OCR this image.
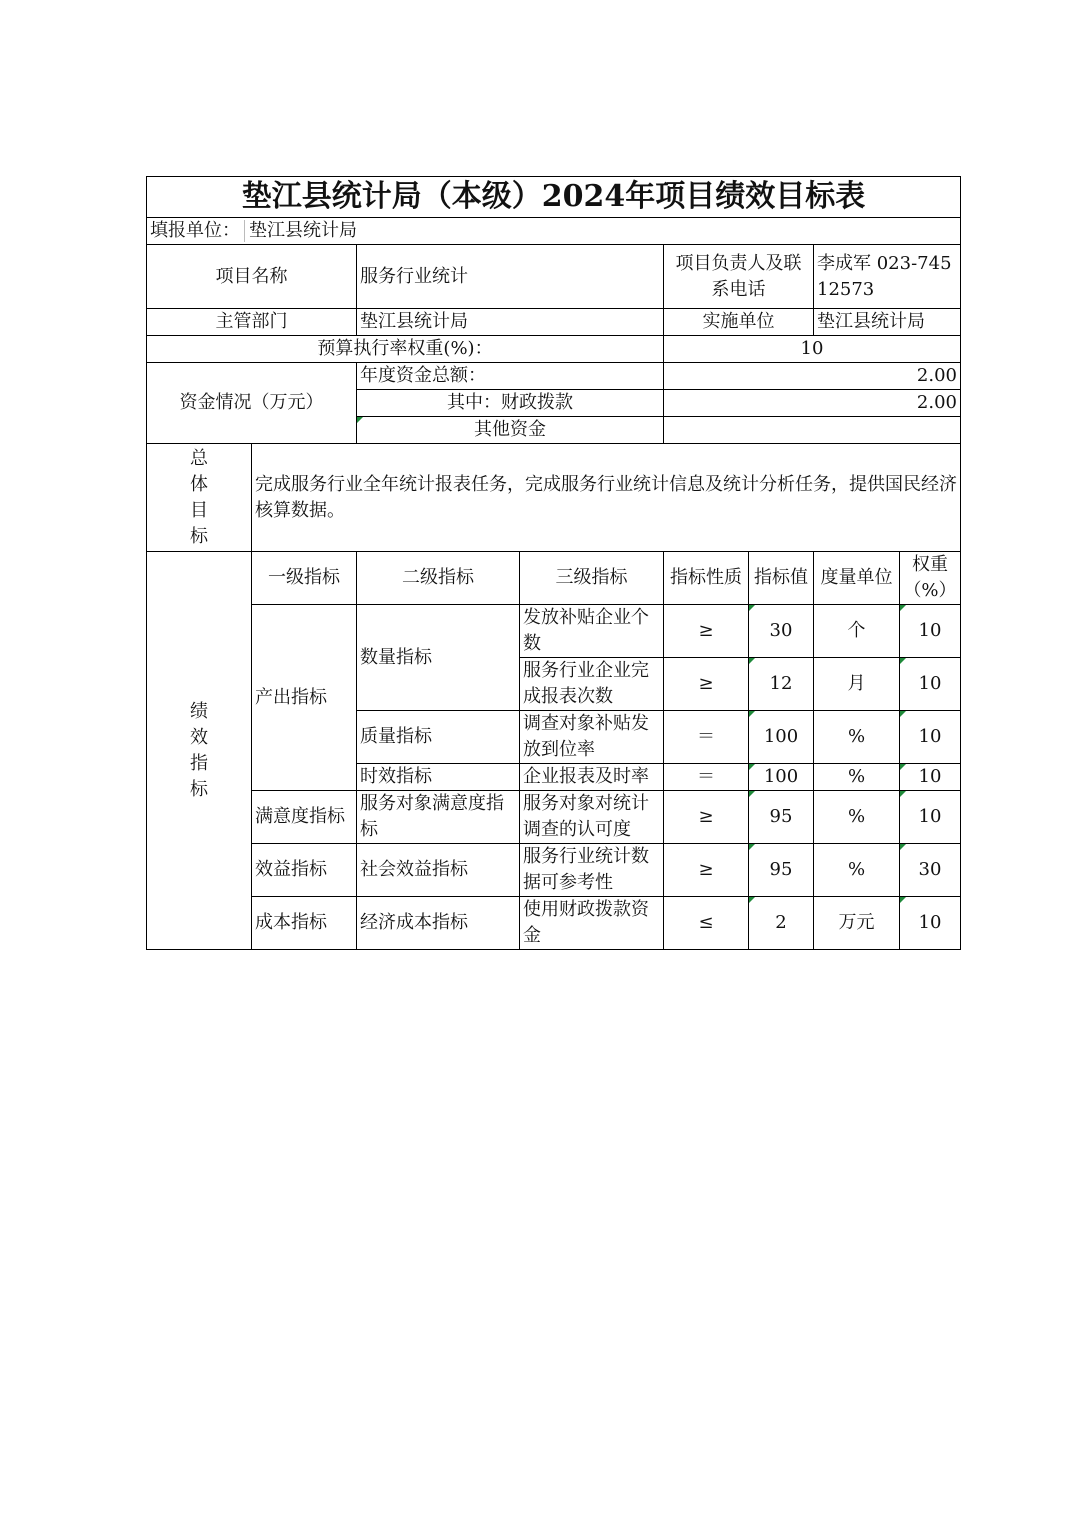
垫江县统计局（本级）2024年项目绩效目标表							
填报单位： 垫江县统计局							
项目名称		服务行业统计		项目负责人及联系电话		李成军 023-74512573	
主管部门		垫江县统计局		实施单位		垫江县统计局	
预算执行率权重(%)：				10			
资金情况（万元）		年度资金总额：		2.00			
		其中：财政拨款		2.00			
		其他资金					

总体目标	完成服务行业全年统计报表任务，完成服务行业统计信息及统计分析任务，提供国民经济核算数据。						

绩效指标	一级指标	二级指标	三级指标	指标性质	指标值	度量单位	权重（%）
	产出指标	数量指标	发放补贴企业个数	≥	30	个	10
			服务行业企业完成报表次数	≥	12	月	10
		质量指标	调查对象补贴发放到位率	＝	100	%	10
		时效指标	企业报表及时率	＝	100	%	10
	满意度指标	服务对象满意度指标	服务对象对统计调查的认可度	≥	95	%	10
	效益指标	社会效益指标	服务行业统计数据可参考性	≥	95	%	30
	成本指标	经济成本指标	使用财政拨款资金	≤	2	万元	10
